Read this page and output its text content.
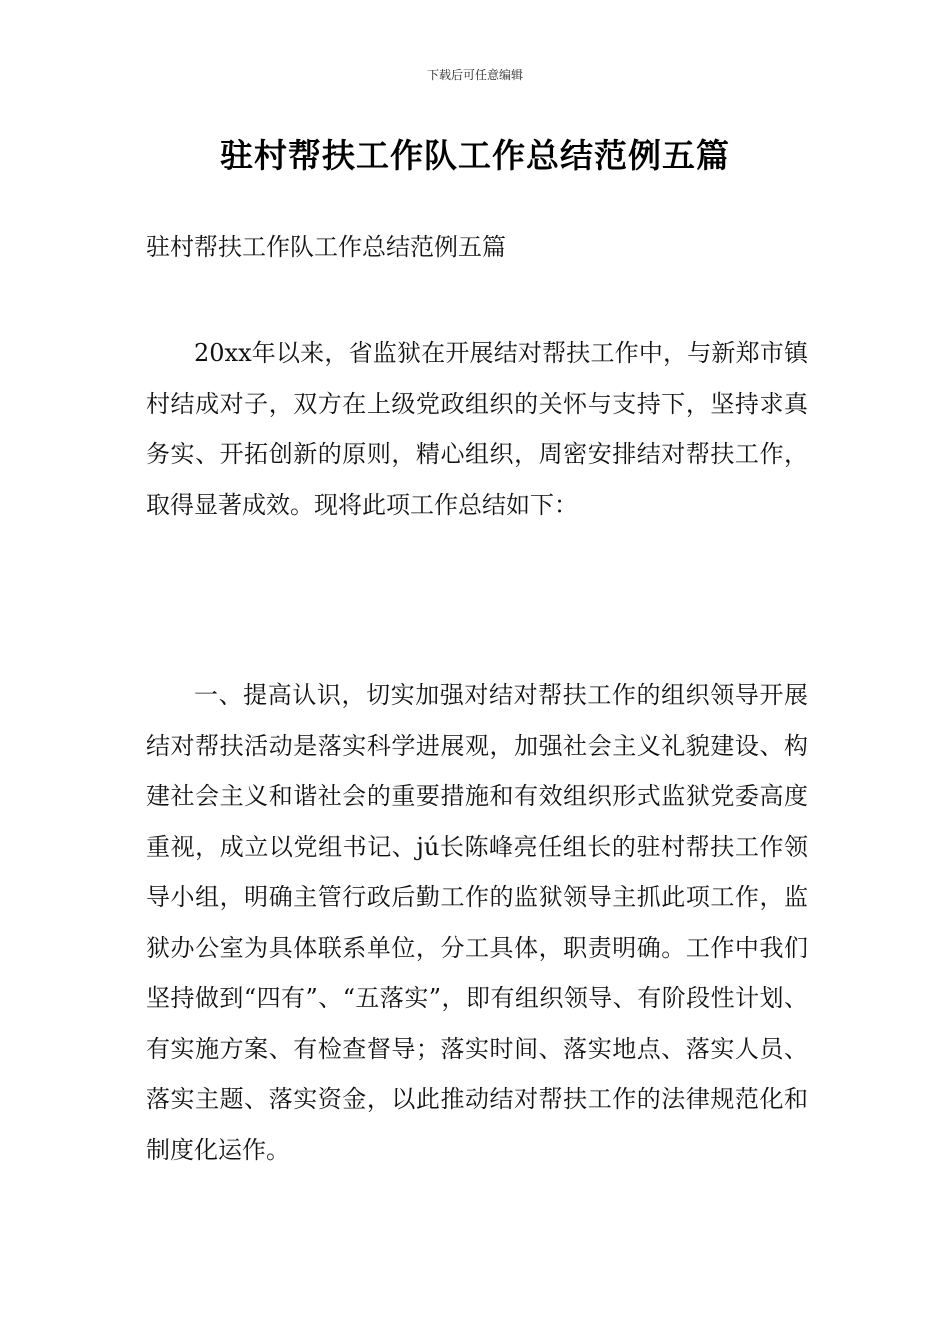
下载后可任意编辑
驻村帮扶工作队工作总结范例五篇
驻村帮扶工作队工作总结范例五篇

20xx年以来，省监狱在开展结对帮扶工作中，与新郑市镇村结成对子，双方在上级党政组织的关怀与支持下，坚持求真务实、开拓创新的原则，精心组织，周密安排结对帮扶工作，取得显著成效。现将此项工作总结如下：

一、提高认识，切实加强对结对帮扶工作的组织领导开展结对帮扶活动是落实科学进展观，加强社会主义礼貌建设、构建社会主义和谐社会的重要措施和有效组织形式监狱党委高度重视，成立以党组书记、jú长陈峰亮任组长的驻村帮扶工作领导小组，明确主管行政后勤工作的监狱领导主抓此项工作，监狱办公室为具体联系单位，分工具体，职责明确。工作中我们坚持做到“四有”、“五落实”，即有组织领导、有阶段性计划、有实施方案、有检查督导；落实时间、落实地点、落实人员、落实主题、落实资金，以此推动结对帮扶工作的法律规范化和制度化运作。
